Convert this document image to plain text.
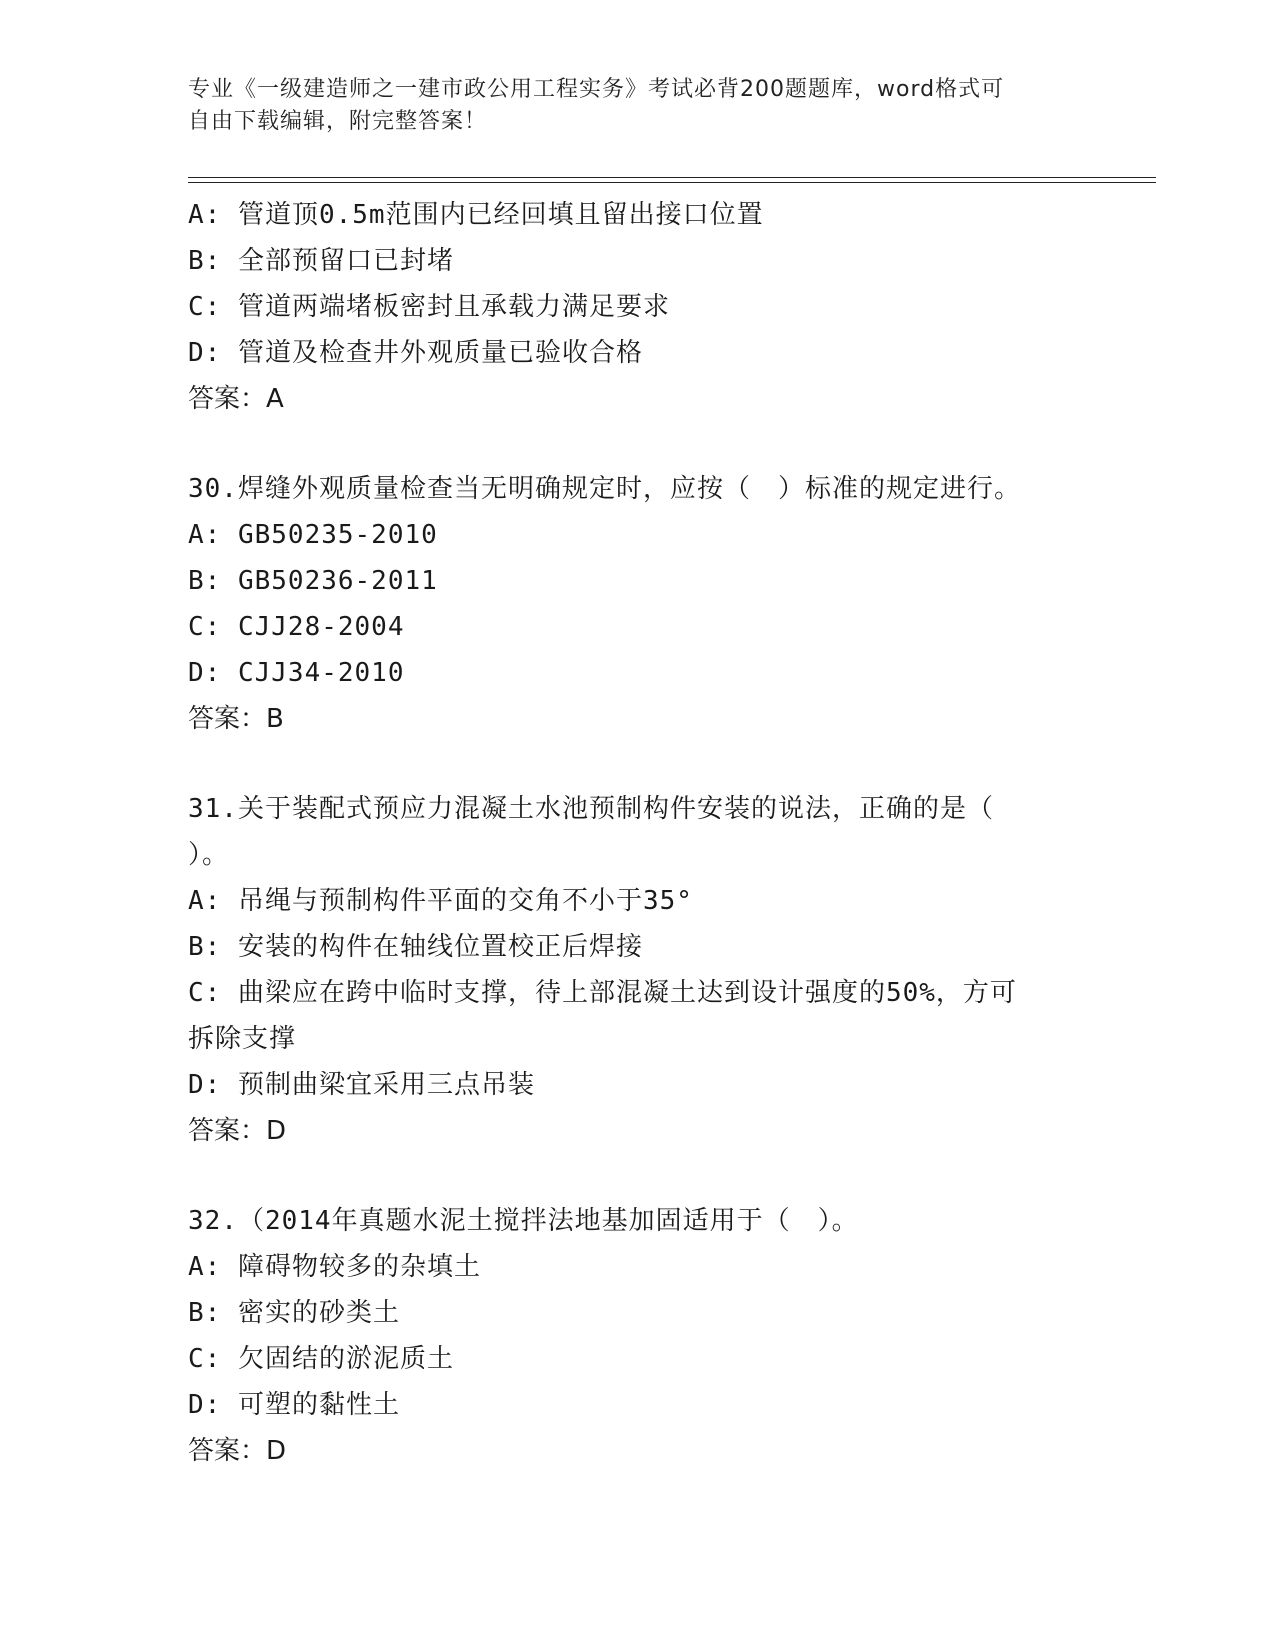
专业《一级建造师之一建市政公用工程实务》考试必背200题题库，word格式可
自由下载编辑，附完整答案！
A: 管道顶0.5m范围内已经回填且留出接口位置
B: 全部预留口已封堵
C: 管道两端堵板密封且承载力满足要求
D: 管道及检查井外观质量已验收合格
答案：A
30.焊缝外观质量检查当无明确规定时，应按（　）标准的规定进行。
A: GB50235-2010
B: GB50236-2011
C: CJJ28-2004
D: CJJ34-2010
答案：B
31.关于装配式预应力混凝土水池预制构件安装的说法，正确的是（
）。
A: 吊绳与预制构件平面的交角不小于35°
B: 安装的构件在轴线位置校正后焊接
C: 曲梁应在跨中临时支撑，待上部混凝土达到设计强度的50%，方可
拆除支撑
D: 预制曲梁宜采用三点吊装
答案：D
32.（2014年真题水泥土搅拌法地基加固适用于（　）。
A: 障碍物较多的杂填土
B: 密实的砂类土
C: 欠固结的淤泥质土
D: 可塑的黏性土
答案：D
